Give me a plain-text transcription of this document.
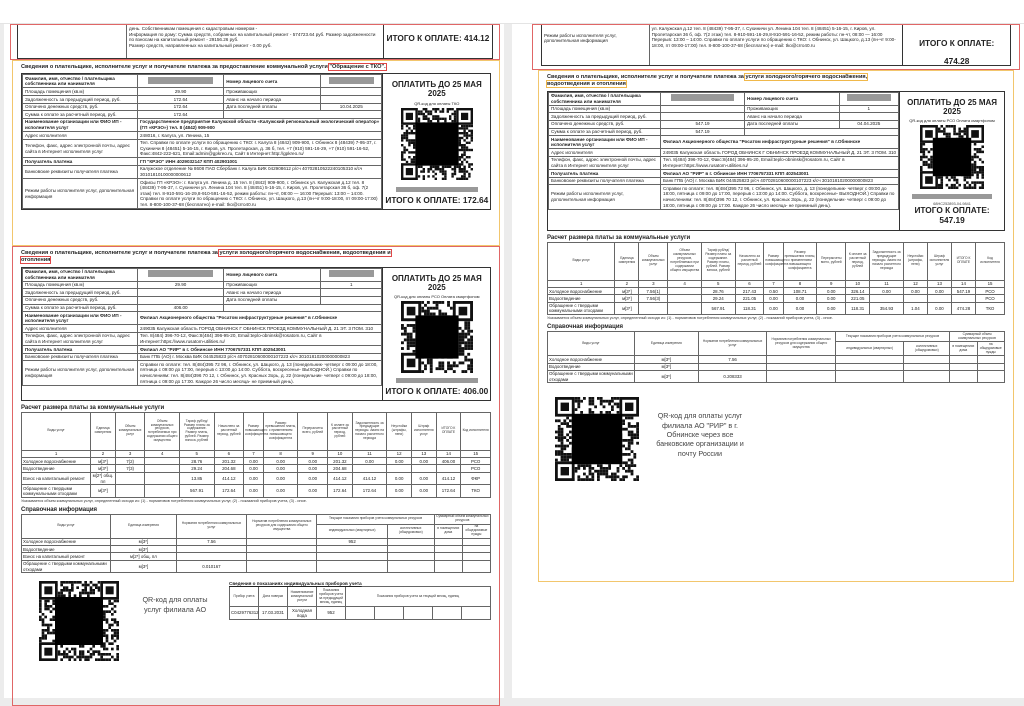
день. Собственникам помещения с кадастровым номером -
Информация по дому: Сумма средств, собранных на капитальный ремонт - 574723.64 руб. Размер задолженности по взносам на капитальный ремонт - 29156.26 руб.
Размер средств, направленных на капитальный ремонт - 0.00 руб.
ИТОГО К ОПЛАТЕ: 414.12
Сведения о плательщике, исполнителе услуг и получателе платежа за предоставление коммунальной услуги "Обращение с ТКО".
Фамилия, имя, отчество / плательщика собственника или нанимателя		Номер лицевого счета	
Площадь помещения (кв.м)	29.90	Проживающих	
Задолженность за предыдущий период, руб.	172.64	Аванс на начало периода	
Оплачено денежных средств, руб.	172.64	Дата последней оплаты	10.04.2025
Сумма к оплате за расчетный период, руб.	172.64		
Наименование организации или ФИО ИП - исполнителя услуг	Государственное предприятие Калужской области «Калужский региональный экологический оператор» (ГП «КРЭО») тел. 8 (4842) 909-900		
Адрес исполнителя	248016, г. Калуга, ул. Ленина, 15		
Телефон, факс, адрес электронной почты, адрес сайта в Интернет исполнителя услуг	Тел. Справки по оплате услуги по обращению с ТКО: г. Калуга 8 (4842) 909-900, г. Обнинск 8 (48439) 7-95-37, г. Сухиничи 8 (48451) 5-16-15, г. Киров, ул. Пролетарская, д. 36 б, тел. +7 (910) 591-16-29, +7 (910) 591-16-52, Факс:4842-222-621, Email:admin@gpkreo.ru, Сайт в Интернет:http://gpkreo.ru/		
Получатель платежа	ГП "КРЭО" ИНН 4029032147 КПП 402901001		
Банковские реквизиты получателя платежа	Калужское отделение № 8608 ПАО Сбербанк г. Калуга БИК 042908612 р/сч 40702810522240105310 к/сч 30101810100000000612		
Режим работы исполнителя услуг, дополнительная информация	Офисы ГП «КРЭО»: г. Калуга ул. Ленина д. 15 тел. 8 (4842) 909-900, г. Обнинск ул. Калужская д.12 тел. 8 (48439) 7-95-37, г. Сухиничи ул. Ленина 104 тел. 8 (48451) 5-16-15, г. Киров, ул. Пролетарская 36 б, оф. 7(2 этаж) тел. 8-910-591-16-29,8-910-591-16-52, режим работы: пн-чт, 08:00 — 16:00 Перерыв: 13:00 – 14:00. Справки по оплате услуги по обращению с ТКО: г. Обнинск, ул. Шацкого, д.13 (пн-чт 9:00-18:00, пт 09:00-17:00) тел. 8-800-100-37-68 (бесплатно) e-mail: tko@crro40.ru		
ОПЛАТИТЬ ДО 25 МАЯ 2025
QR-код для оплаты ТКО
ИТОГО К ОПЛАТЕ: 172.64
Сведения о плательщике, исполнителе услуг и получателе платежа за услуги холодного/горячего водоснабжения, водоотведения и
отопления
Фамилия, имя, отчество / плательщика собственника или нанимателя		Номер лицевого счета	
Площадь помещения (кв.м)	29.90	Проживающих	1
Задолженность за предыдущий период, руб.		Аванс на начало периода	
Оплачено денежных средств, руб.		Дата последней оплаты	
Сумма к оплате за расчетный период, руб.	406.00		
Наименование организации или ФИО ИП - исполнителя услуг	Филиал Акционерного общества "Росатом инфраструктурные решения" в г.Обнинске		
Адрес исполнителя	249035 Калужская область ГОРОД ОБНИНСК Г ОБНИНСК ПРОЕЗД КОММУНАЛЬНЫЙ Д. 21 ЭТ. 3 ПОМ. 310		
Телефон, факс, адрес электронной почты, адрес сайта в Интернет исполнителя услуг	Тел. 8(484) 396-70-12, Факс:8(484) 396-95-20, Email:teplo-obninsk@rosatom.ru, Сайт в Интернет:https://www.rusatom-utilities.ru/		
Получатель платежа	Филиал АО "РИР" в г. Обнинске ИНН 7706757331 КПП 402543001		
Банковские реквизиты получателя платежа	Банк ГПБ (АО) г. Москва БИК 044525823 р/сч 40702810600000107223 к/сч 30101810200000000823		
Режим работы исполнителя услуг, дополнительная информация	Справки по оплате: тел. 8(484)395 72 96, г. Обнинск, ул. Шацкого, д. 13 (понедельник- четверг с 09:00 до 18:00, пятница с 09:00 до 17:00, перерыв с 13:00 до 14:00. Суббота, воскресенье- ВЫХОДНОЙ.) Справки по начислениям: тел. 8(484)396 70 12, г. Обнинск, ул. Красных Зорь, д. 22 (понедельник- четверг с 09:00 до 18:00, пятница с 09:00 до 17:00. Каждое 26 число месяца- не приемный день).		
ОПЛАТИТЬ ДО 25 МАЯ 2025
QR-код для оплаты РСО Оплата смартфоном
ИТОГО К ОПЛАТЕ: 406.00
Расчет размера платы за коммунальные услуги
Виды услуг	Единица измерения	Объем коммунальных услуг	Объем коммунальных ресурсов, потребляемых при содержании общего имущества	Тариф руб/ед/Размер платы за содержание. Размер платы, рублей. Размер взноса, рублей	Начислено за расчетный период, рублей	Размер повышающего коэффициента	Размер превышения платы, с применением повышающего коэффициента	Перерасчеты всего, рублей	К оплате за расчетный период, рублей	Задолженность за предыдущие периоды. Аванс на начало расчетного периода	Неустойки (штрафы, пени)	Штраф исполнителя услуг	ИТОГО К ОПЛАТЕ	Код исполнителя
1	2	3	4	5	6	7	8	9	10	11	12	13	14	15
Холодное водоснабжение	м[3*]	7(2)		28.76	201.32	0.00	0.00	0.00	201.32	0.00	0.00	0.00	406.00	РСО
Водоотведение	м[3*]	7(3)		29.24	204.68	0.00	0.00	0.00	204.68					РСО
Взнос на капитальный ремонт	м[2*] общ. пл			13.85	414.12	0.00	0.00	0.00	414.12	414.12	0.00	0.00	414.12	ФКР
Обращение с твердыми коммунальными отходами	м[3*]			567.91	172.64	0.00	0.00	0.00	172.64	172.64	0.00	0.00	172.64	ТКО
Указывается объем коммунальных услуг, определенный исходя из: (1) - нормативов потребления коммунальных услуг, (2) - показаний приборов учета, (3) - иное.
Справочная информация
Виды услуг	Единица измерения	Норматив потребления коммунальных услуг	Норматив потребления коммунальных ресурсов для содержания общего имущества	Текущие показания приборов учета коммунальных ресурсов		Суммарный объем коммунальных ресурсов	
				индивидуальных (квартирных)	коллективных (общедомовых)	в помещениях дома	на общедомовые нужды
Холодное водоснабжение	м[3*]	7.56		952			
Водоотведение	м[3*]						
Взнос на капитальный ремонт	м[2*] общ. пл						
Обращение с твердыми коммунальными отходами	м[3*]	0.010167					
QR-код для оплаты услуг филиала АО
Сведения о показаниях индивидуальных приборов учета
Прибор учета	Дата поверки	Наименование коммунальной услуги	Показания приборов учета за предыдущий месяц, единиц	Показания приборов учета за текущий месяц, единиц				
C0429776312	17.03.2031	Холодная вода	952					
Режим работы исполнителя услуг, дополнительная информация
ул. Калужская д.12 тел. 8 (48439) 7-95-37, г. Сухиничи ул. Ленина 104 тел. 8 (48451) 5-16-15, г. Киров, ул. Пролетарская 36 б, оф. 7(2 этаж) тел. 8-910-591-16-29,8-910-591-16-52, режим работы: пн-чт, 08:00 — 16:00 Перерыв: 13:00 – 14:00. Справки по оплате услуги по обращению с ТКО: г. Обнинск, ул. Шацкого, д.13 (пн-чт 9:00-18:00, пт 09:00-17:00) тел. 8-800-100-37-68 (бесплатно) e-mail: tko@crro40.ru	ИТОГО К ОПЛАТЕ: 474.28
Сведения о плательщике, исполнителе услуг и получателе платежа за услуги холодного/горячего водоснабжения,
водоотведения и отопления
Фамилия, имя, отчество / плательщика собственника или нанимателя		Номер лицевого счета	
Площадь помещения (кв.м)		Проживающих	1
Задолженность за предыдущий период, руб.		Аванс на начало периода	
Оплачено денежных средств, руб.	547.19	Дата последней оплаты	04.04.2025
Сумма к оплате за расчетный период, руб.	547.19		
Наименование организации или ФИО ИП - исполнителя услуг	Филиал Акционерного общества "Росатом инфраструктурные решения" в г.Обнинске		
Адрес исполнителя	249035 Калужская область ГОРОД ОБНИНСК Г ОБНИНСК ПРОЕЗД КОММУНАЛЬНЫЙ Д. 21 ЭТ. 3 ПОМ. 310		
Телефон, факс, адрес электронной почты, адрес сайта в Интернет исполнителя услуг	Тел. 8(484) 396-70-12, Факс:8(484) 396-95-20, Email:teplo-obninsk@rosatom.ru, Сайт в Интернет:https://www.rusatom-utilities.ru/		
Получатель платежа	Филиал АО "РИР" в г. Обнинске ИНН 7706757331 КПП 402543001		
Банковские реквизиты получателя платежа	Банк ГПБ (АО) г. Москва БИК 044525823 р/сч 40702810600000107223 к/сч 30101810200000000823		
Режим работы исполнителя услуг, дополнительная информация	Справки по оплате: тел. 8(484)395 72 96, г. Обнинск, ул. Шацкого, д. 13 (понедельник- четверг с 09:00 до 18:00, пятница с 09:00 до 17:00, перерыв с 13:00 до 14:00. Суббота, воскресенье- ВЫХОДНОЙ.) Справки по начислениям: тел. 8(484)396 70 12, г. Обнинск, ул. Красных Зорь, д. 22 (понедельник- четверг с 09:00 до 18:00, пятница с 09:00 до 17:00. Каждое 26 число месяца- не приемный день).		
ОПЛАТИТЬ ДО 25 МАЯ 2025
QR-код для оплаты РСО Оплата смартфоном
68HC252893-04-9841
ИТОГО К ОПЛАТЕ: 547.19
Расчет размера платы за коммунальные услуги
Виды услуг	Единица измерения	Объем коммунальных услуг	Объем коммунальных ресурсов, потребляемых при содержании общего имущества	Тариф руб/ед/Размер платы за содержание. Размер платы, рублей. Размер взноса, рублей	Начислено за расчетный период, рублей	Размер повышающего коэффициента	Размер превышения платы, с применением повышающего коэффициента	Перерасчеты всего, рублей	К оплате за расчетный период, рублей	Задолженность за предыдущие периоды. Аванс на начало расчетного периода	Неустойки (штрафы, пени)	Штраф исполнителя услуг	ИТОГО К ОПЛАТЕ	Код исполнителя
1	2	3	4	5	6	7	8	9	10	11	12	13	14	15
Холодное водоснабжение	м[3*]	7.56(1)		28.76	217.43	0.50	108.71	0.00	326.14	0.00	0.00	0.00	547.19	РСО
Водоотведение	м[3*]	7.56(3)		29.24	221.05	0.00	0.00	0.00	221.05					РСО
Обращение с твердыми коммунальными отходами	м[3*]			567.91	118.31	0.00	0.00	0.00	118.31	354.93	1.04	0.00	474.28	ТКО
Указывается объем коммунальных услуг, определенный исходя из: (1) - нормативов потребления коммунальных услуг, (2) - показаний приборов учета, (3) - иное.
Справочная информация
Виды услуг	Единица измерения	Норматив потребления коммунальных услуг	Норматив потребления коммунальных ресурсов для содержания общего имущества	Текущие показания приборов учета коммунальных ресурсов		Суммарный объем коммунальных ресурсов	
				индивидуальных (квартирных)	коллективных (общедомовых)	в помещениях дома	на общедомовые нужды
Холодное водоснабжение	м[3*]	7.56					
Водоотведение	м[3*]						
Обращение с твердыми коммунальными отходами	м[3*]	0.208333					
QR-код для оплаты услуг филиала АО "РИР" в г. Обнинске через все банковские организации и почту России
